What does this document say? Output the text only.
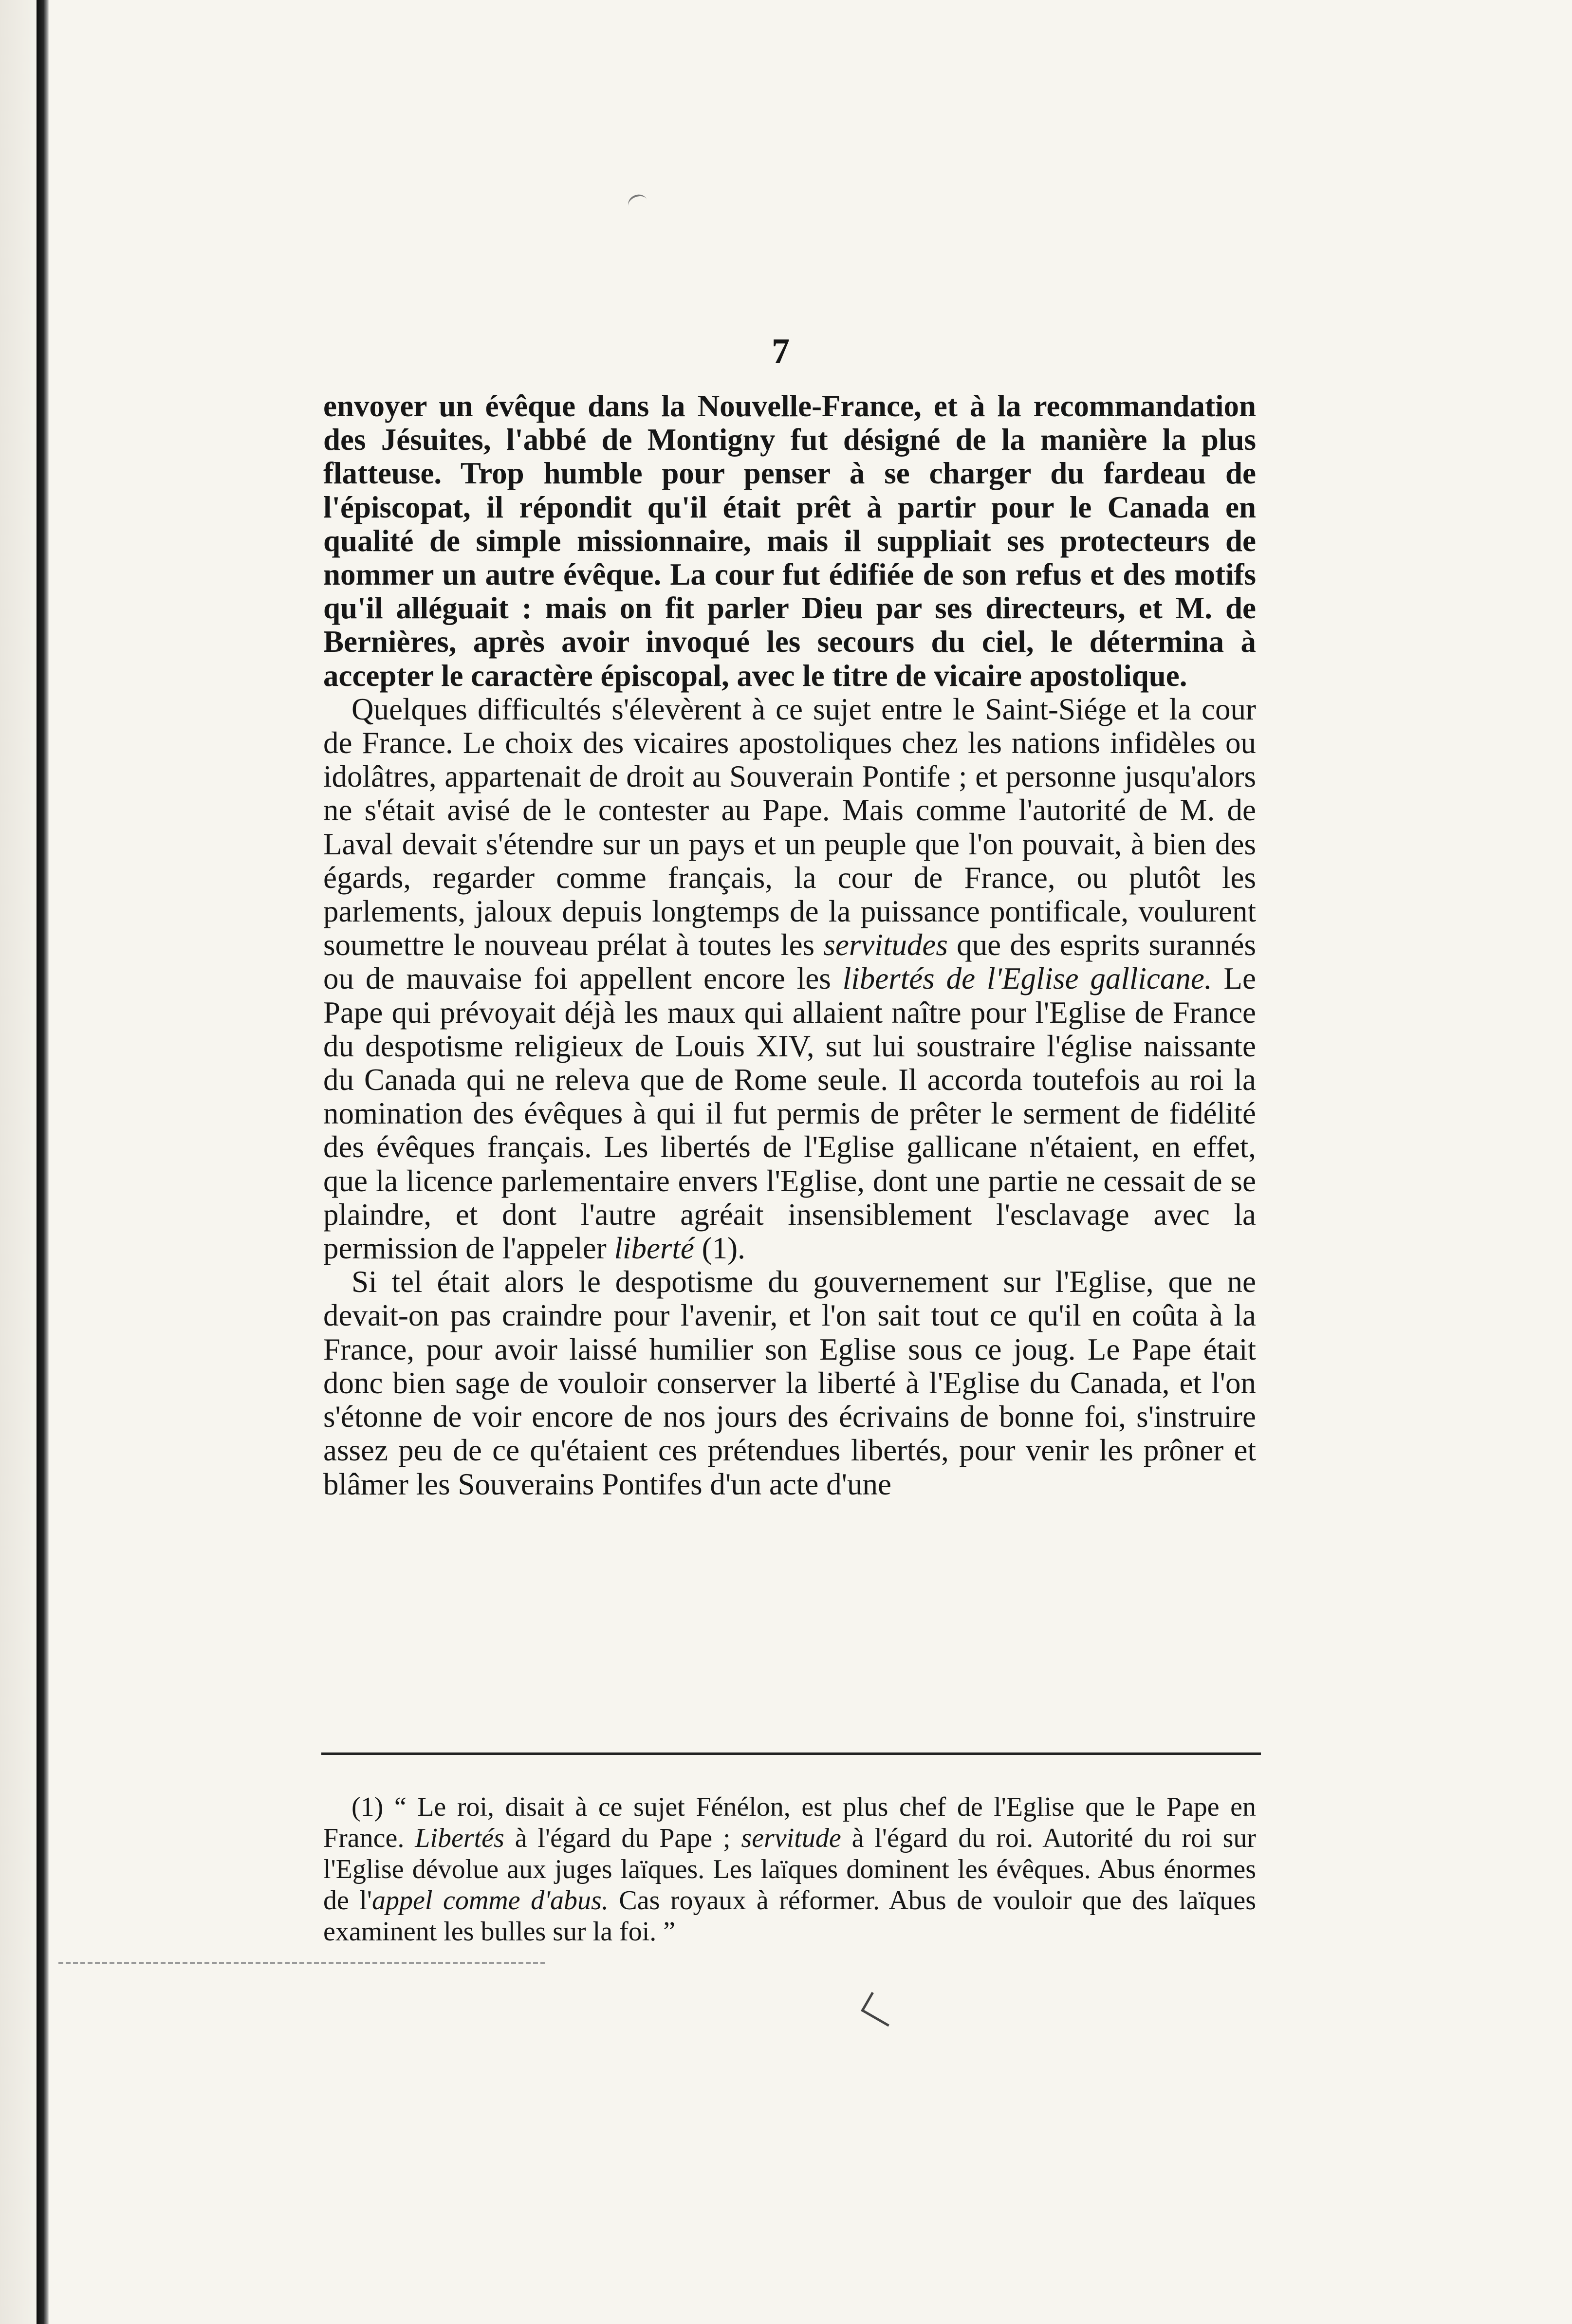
7

envoyer un évêque dans la Nouvelle-France, et à la recommandation des Jésuites, l'abbé de Montigny fut désigné de la manière la plus flatteuse. Trop humble pour penser à se charger du fardeau de l'épiscopat, il répondit qu'il était prêt à partir pour le Canada en qualité de simple missionnaire, mais il suppliait ses protecteurs de nommer un autre évêque. La cour fut édifiée de son refus et des motifs qu'il alléguait : mais on fit parler Dieu par ses directeurs, et M. de Bernières, après avoir invoqué les secours du ciel, le détermina à accepter le caractère épiscopal, avec le titre de vicaire apostolique.

Quelques difficultés s'élevèrent à ce sujet entre le Saint-Siége et la cour de France. Le choix des vicaires apostoliques chez les nations infidèles ou idolâtres, appartenait de droit au Souverain Pontife ; et personne jusqu'alors ne s'était avisé de le contester au Pape. Mais comme l'autorité de M. de Laval devait s'étendre sur un pays et un peuple que l'on pouvait, à bien des égards, regarder comme français, la cour de France, ou plutôt les parlements, jaloux depuis longtemps de la puissance pontificale, voulurent soumettre le nouveau prélat à toutes les servitudes que des esprits surannés ou de mauvaise foi appellent encore les libertés de l'Eglise gallicane. Le Pape qui prévoyait déjà les maux qui allaient naître pour l'Eglise de France du despotisme religieux de Louis XIV, sut lui soustraire l'église naissante du Canada qui ne releva que de Rome seule. Il accorda toutefois au roi la nomination des évêques à qui il fut permis de prêter le serment de fidélité des évêques français. Les libertés de l'Eglise gallicane n'étaient, en effet, que la licence parlementaire envers l'Eglise, dont une partie ne cessait de se plaindre, et dont l'autre agréait insensiblement l'esclavage avec la permission de l'appeler liberté (1).

Si tel était alors le despotisme du gouvernement sur l'Eglise, que ne devait-on pas craindre pour l'avenir, et l'on sait tout ce qu'il en coûta à la France, pour avoir laissé humilier son Eglise sous ce joug. Le Pape était donc bien sage de vouloir conserver la liberté à l'Eglise du Canada, et l'on s'étonne de voir encore de nos jours des écrivains de bonne foi, s'instruire assez peu de ce qu'étaient ces prétendues libertés, pour venir les prôner et blâmer les Souverains Pontifes d'un acte d'une

(1) “ Le roi, disait à ce sujet Fénélon, est plus chef de l'Eglise que le Pape en France. Libertés à l'égard du Pape ; servitude à l'égard du roi. Autorité du roi sur l'Eglise dévolue aux juges laïques. Les laïques dominent les évêques. Abus énormes de l'appel comme d'abus. Cas royaux à réformer. Abus de vouloir que des laïques examinent les bulles sur la foi. ”
